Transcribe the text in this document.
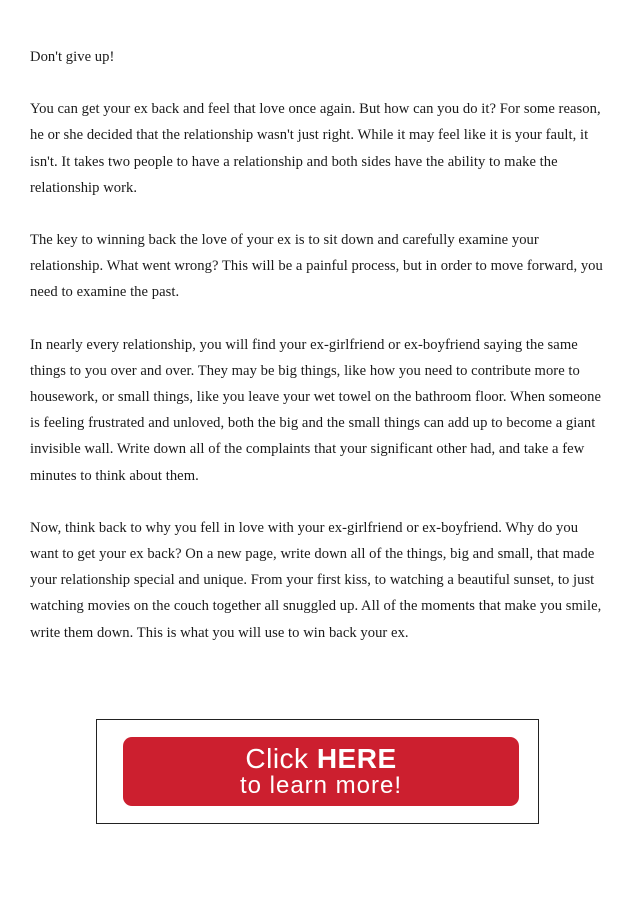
Don't give up!

You can get your ex back and feel that love once again. But how can you do it? For some reason, he or she decided that the relationship wasn't just right. While it may feel like it is your fault, it isn't. It takes two people to have a relationship and both sides have the ability to make the relationship work.

The key to winning back the love of your ex is to sit down and carefully examine your relationship. What went wrong? This will be a painful process, but in order to move forward, you need to examine the past.

In nearly every relationship, you will find your ex-girlfriend or ex-boyfriend saying the same things to you over and over. They may be big things, like how you need to contribute more to housework, or small things, like you leave your wet towel on the bathroom floor. When someone is feeling frustrated and unloved, both the big and the small things can add up to become a giant invisible wall. Write down all of the complaints that your significant other had, and take a few minutes to think about them.

Now, think back to why you fell in love with your ex-girlfriend or ex-boyfriend. Why do you want to get your ex back? On a new page, write down all of the things, big and small, that made your relationship special and unique. From your first kiss, to watching a beautiful sunset, to just watching movies on the couch together all snuggled up. All of the moments that make you smile, write them down. This is what you will use to win back your ex.

Click HERE
to learn more!
